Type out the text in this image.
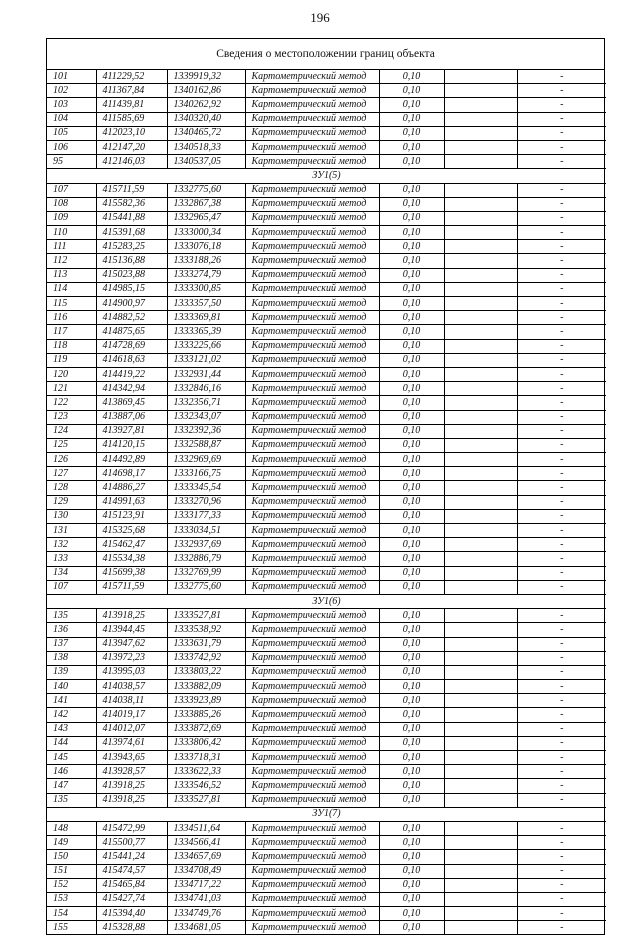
196
Сведения о местоположении границ объекта
101	411229,52	1339919,32	Картометрический метод	0,10		-
102	411367,84	1340162,86	Картометрический метод	0,10		-
103	411439,81	1340262,92	Картометрический метод	0,10		-
104	411585,69	1340320,40	Картометрический метод	0,10		-
105	412023,10	1340465,72	Картометрический метод	0,10		-
106	412147,20	1340518,33	Картометрический метод	0,10		-
95	412146,03	1340537,05	Картометрический метод	0,10		-
ЗУ1(5)						
107	415711,59	1332775,60	Картометрический метод	0,10		-
108	415582,36	1332867,38	Картометрический метод	0,10		-
109	415441,88	1332965,47	Картометрический метод	0,10		-
110	415391,68	1333000,34	Картометрический метод	0,10		-
111	415283,25	1333076,18	Картометрический метод	0,10		-
112	415136,88	1333188,26	Картометрический метод	0,10		-
113	415023,88	1333274,79	Картометрический метод	0,10		-
114	414985,15	1333300,85	Картометрический метод	0,10		-
115	414900,97	1333357,50	Картометрический метод	0,10		-
116	414882,52	1333369,81	Картометрический метод	0,10		-
117	414875,65	1333365,39	Картометрический метод	0,10		-
118	414728,69	1333225,66	Картометрический метод	0,10		-
119	414618,63	1333121,02	Картометрический метод	0,10		-
120	414419,22	1332931,44	Картометрический метод	0,10		-
121	414342,94	1332846,16	Картометрический метод	0,10		-
122	413869,45	1332356,71	Картометрический метод	0,10		-
123	413887,06	1332343,07	Картометрический метод	0,10		-
124	413927,81	1332392,36	Картометрический метод	0,10		-
125	414120,15	1332588,87	Картометрический метод	0,10		-
126	414492,89	1332969,69	Картометрический метод	0,10		-
127	414698,17	1333166,75	Картометрический метод	0,10		-
128	414886,27	1333345,54	Картометрический метод	0,10		-
129	414991,63	1333270,96	Картометрический метод	0,10		-
130	415123,91	1333177,33	Картометрический метод	0,10		-
131	415325,68	1333034,51	Картометрический метод	0,10		-
132	415462,47	1332937,69	Картометрический метод	0,10		-
133	415534,38	1332886,79	Картометрический метод	0,10		-
134	415699,38	1332769,99	Картометрический метод	0,10		-
107	415711,59	1332775,60	Картометрический метод	0,10		-
ЗУ1(6)						
135	413918,25	1333527,81	Картометрический метод	0,10		-
136	413944,45	1333538,92	Картометрический метод	0,10		-
137	413947,62	1333631,79	Картометрический метод	0,10		-
138	413972,23	1333742,92	Картометрический метод	0,10		-
139	413995,03	1333803,22	Картометрический метод	0,10		-
140	414038,57	1333882,09	Картометрический метод	0,10		-
141	414038,11	1333923,89	Картометрический метод	0,10		-
142	414019,17	1333885,26	Картометрический метод	0,10		-
143	414012,07	1333872,69	Картометрический метод	0,10		-
144	413974,61	1333806,42	Картометрический метод	0,10		-
145	413943,65	1333718,31	Картометрический метод	0,10		-
146	413928,57	1333622,33	Картометрический метод	0,10		-
147	413918,25	1333546,52	Картометрический метод	0,10		-
135	413918,25	1333527,81	Картометрический метод	0,10		-
ЗУ1(7)						
148	415472,99	1334511,64	Картометрический метод	0,10		-
149	415500,77	1334566,41	Картометрический метод	0,10		-
150	415441,24	1334657,69	Картометрический метод	0,10		-
151	415474,57	1334708,49	Картометрический метод	0,10		-
152	415465,84	1334717,22	Картометрический метод	0,10		-
153	415427,74	1334741,03	Картометрический метод	0,10		-
154	415394,40	1334749,76	Картометрический метод	0,10		-
155	415328,88	1334681,05	Картометрический метод	0,10		-
